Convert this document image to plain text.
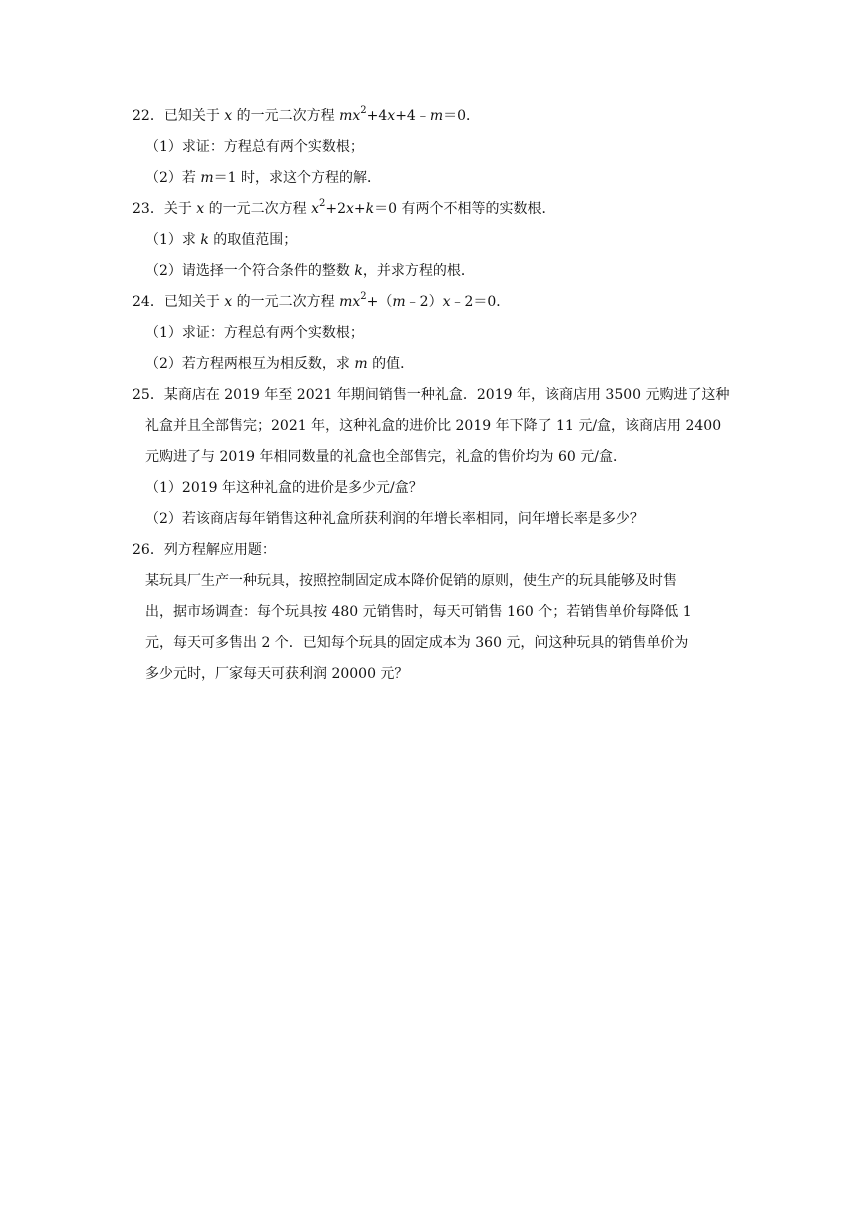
22．已知关于 x 的一元二次方程 $mx^2+4x+4﹣m=0$．
（1）求证：方程总有两个实数根；
（2）若 m＝1 时，求这个方程的解．
23．关于 x 的一元二次方程 $x^2+2x+k=0$ 有两个不相等的实数根．
（1）求 k 的取值范围；
（2）请选择一个符合条件的整数 k，并求方程的根．
24．已知关于 x 的一元二次方程 $mx^2+(m﹣2)x﹣2=0$．
（1）求证：方程总有两个实数根；
（2）若方程两根互为相反数，求 m 的值．
25．某商店在 2019 年至 2021 年期间销售一种礼盒．2019 年，该商店用 3500 元购进了这种
礼盒并且全部售完；2021 年，这种礼盒的进价比 2019 年下降了 11 元/盒，该商店用 2400
元购进了与 2019 年相同数量的礼盒也全部售完，礼盒的售价均为 60 元/盒．
（1）2019 年这种礼盒的进价是多少元/盒？
（2）若该商店每年销售这种礼盒所获利润的年增长率相同，问年增长率是多少？
26．列方程解应用题：
某玩具厂生产一种玩具，按照控制固定成本降价促销的原则，使生产的玩具能够及时售
出，据市场调查：每个玩具按 480 元销售时，每天可销售 160 个；若销售单价每降低 1
元，每天可多售出 2 个．已知每个玩具的固定成本为 360 元，问这种玩具的销售单价为
多少元时，厂家每天可获利润 20000 元？
